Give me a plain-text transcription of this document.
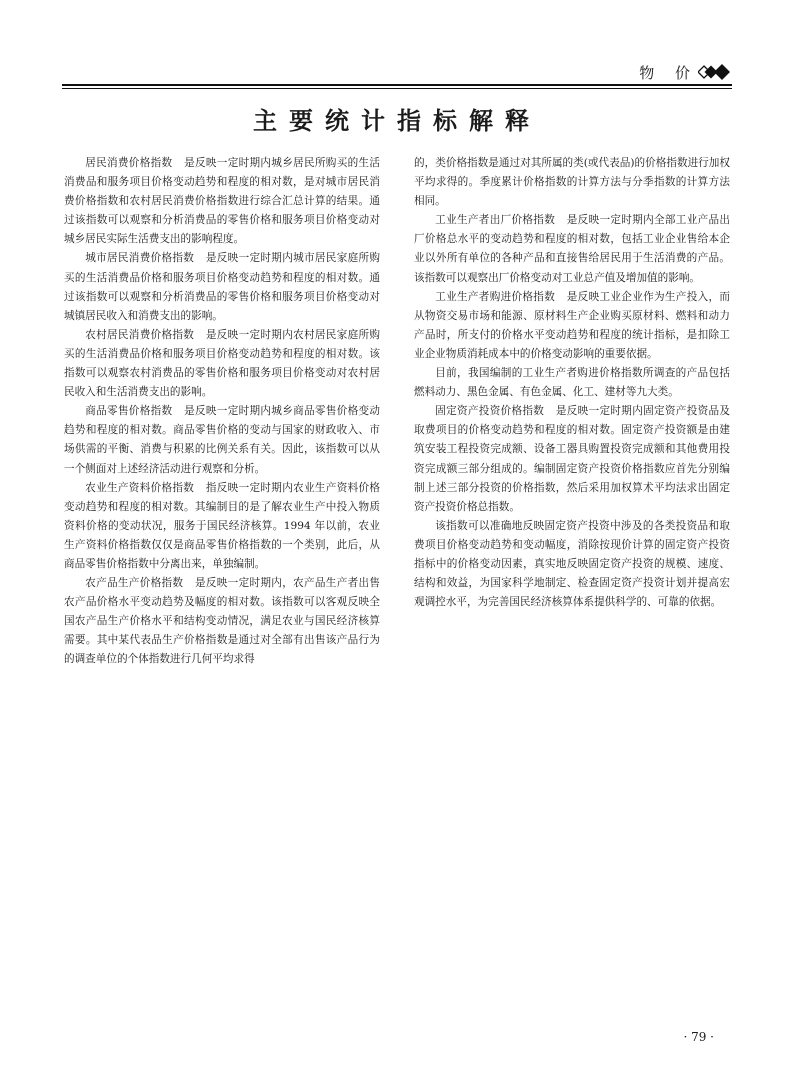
物 价
主要统计指标解释

居民消费价格指数 是反映一定时期内城乡居民所购买的生活消费品和服务项目价格变动趋势和程度的相对数，是对城市居民消费价格指数和农村居民消费价格指数进行综合汇总计算的结果。通过该指数可以观察和分析消费品的零售价格和服务项目价格变动对城乡居民实际生活费支出的影响程度。

城市居民消费价格指数 是反映一定时期内城市居民家庭所购买的生活消费品价格和服务项目价格变动趋势和程度的相对数。通过该指数可以观察和分析消费品的零售价格和服务项目价格变动对城镇居民收入和消费支出的影响。

农村居民消费价格指数 是反映一定时期内农村居民家庭所购买的生活消费品价格和服务项目价格变动趋势和程度的相对数。该指数可以观察农村消费品的零售价格和服务项目价格变动对农村居民收入和生活消费支出的影响。

商品零售价格指数 是反映一定时期内城乡商品零售价格变动趋势和程度的相对数。商品零售价格的变动与国家的财政收入、市场供需的平衡、消费与积累的比例关系有关。因此，该指数可以从一个侧面对上述经济活动进行观察和分析。

农业生产资料价格指数 指反映一定时期内农业生产资料价格变动趋势和程度的相对数。其编制目的是了解农业生产中投入物质资料价格的变动状况，服务于国民经济核算。1994 年以前，农业生产资料价格指数仅仅是商品零售价格指数的一个类别，此后，从商品零售价格指数中分离出来，单独编制。

农产品生产价格指数 是反映一定时期内，农产品生产者出售农产品价格水平变动趋势及幅度的相对数。该指数可以客观反映全国农产品生产价格水平和结构变动情况，满足农业与国民经济核算需要。其中某代表品生产价格指数是通过对全部有出售该产品行为的调查单位的个体指数进行几何平均求得

的，类价格指数是通过对其所属的类(或代表品)的价格指数进行加权平均求得的。季度累计价格指数的计算方法与分季指数的计算方法相同。

工业生产者出厂价格指数 是反映一定时期内全部工业产品出厂价格总水平的变动趋势和程度的相对数，包括工业企业售给本企业以外所有单位的各种产品和直接售给居民用于生活消费的产品。该指数可以观察出厂价格变动对工业总产值及增加值的影响。

工业生产者购进价格指数 是反映工业企业作为生产投入，而从物资交易市场和能源、原材料生产企业购买原材料、燃料和动力产品时，所支付的价格水平变动趋势和程度的统计指标，是扣除工业企业物质消耗成本中的价格变动影响的重要依据。

目前，我国编制的工业生产者购进价格指数所调查的产品包括燃料动力、黑色金属、有色金属、化工、建材等九大类。

固定资产投资价格指数 是反映一定时期内固定资产投资品及取费项目的价格变动趋势和程度的相对数。固定资产投资额是由建筑安装工程投资完成额、设备工器具购置投资完成额和其他费用投资完成额三部分组成的。编制固定资产投资价格指数应首先分别编制上述三部分投资的价格指数，然后采用加权算术平均法求出固定资产投资价格总指数。

该指数可以准确地反映固定资产投资中涉及的各类投资品和取费项目价格变动趋势和变动幅度，消除按现价计算的固定资产投资指标中的价格变动因素，真实地反映固定资产投资的规模、速度、结构和效益，为国家科学地制定、检查固定资产投资计划并提高宏观调控水平，为完善国民经济核算体系提供科学的、可靠的依据。

· 79 ·
